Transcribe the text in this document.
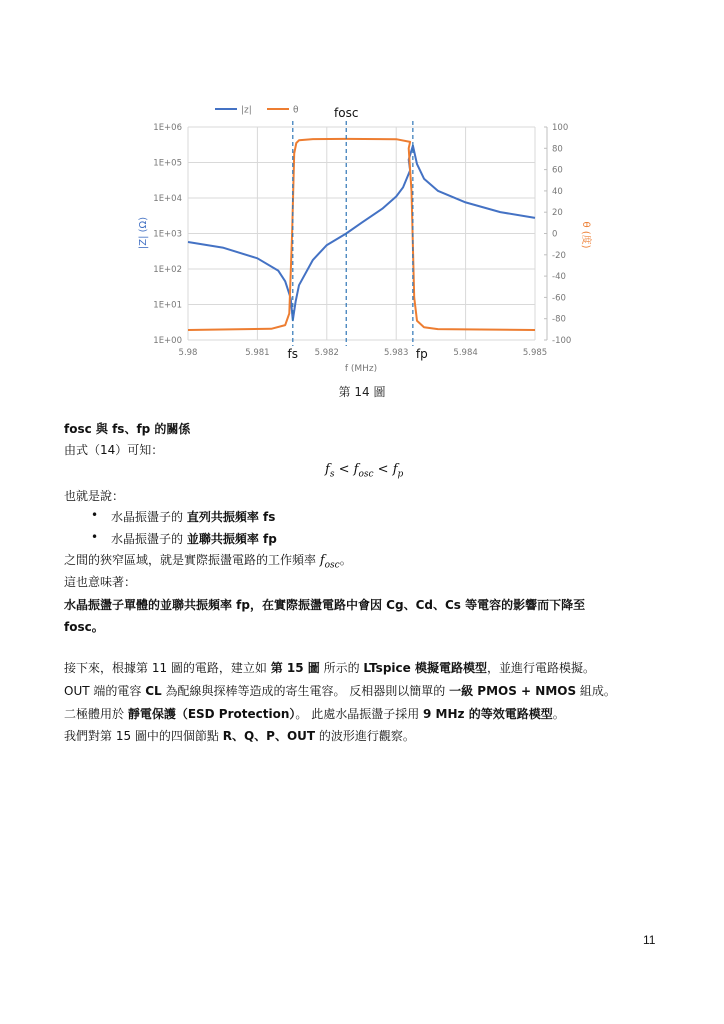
1E+00
1E+01
1E+02
1E+03
1E+04
1E+05
1E+06	100
80
60
40
20
0
-20
-40
-60
-80
-100
5.98	5.981	5.982	5.983	5.984	5.985
fs
fosc
fp
|z|	θ
f (MHz)
|Z| (Ω)	θ (度)
第 14 圖
fosc 與 fs、fp 的關係
由式（14）可知：
$f_s < f_{osc} < f_p$
也就是說：
• 水晶振盪子的 直列共振頻率 fs
• 水晶振盪子的 並聯共振頻率 fp
之間的狹窄區域，就是實際振盪電路的工作頻率 $f_{osc}$。
這也意味著：
水晶振盪子單體的並聯共振頻率 fp，在實際振盪電路中會因 Cg、Cd、Cs 等電容的影響而下降至
fosc。
接下來，根據第 11 圖的電路，建立如 第 15 圖 所示的 LTspice 模擬電路模型，並進行電路模擬。
OUT 端的電容 CL 為配線與探棒等造成的寄生電容。 反相器則以簡單的 一級 PMOS + NMOS 組成。
二極體用於 靜電保護（ESD Protection）。 此處水晶振盪子採用 9 MHz 的等效電路模型。
我們對第 15 圖中的四個節點 R、Q、P、OUT 的波形進行觀察。
11
